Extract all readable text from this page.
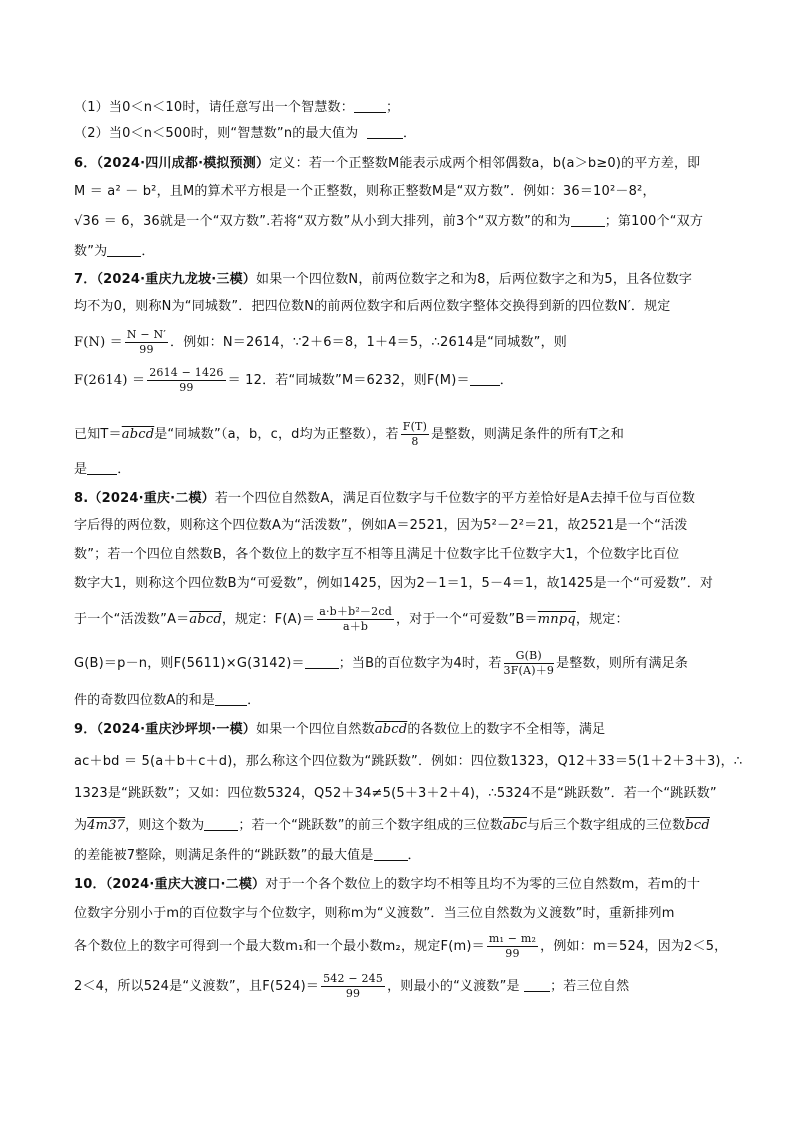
（1）当0＜n＜10时，请任意写出一个智慧数： ；
（2）当0＜n＜500时，则“智慧数”n的最大值为	．
6．（2024·四川成都·模拟预测）定义：若一个正整数M能表示成两个相邻偶数a，b(a＞b≥0)的平方差，即
M ＝ a² － b²，且M的算术平方根是一个正整数，则称正整数M是“双方数”．例如：36＝10²－8²，
√36 ＝ 6，36就是一个“双方数”.若将“双方数”从小到大排列，前3个“双方数”的和为	；第100个“双方
数”为	．
7．（2024·重庆九龙坡·三模）如果一个四位数N，前两位数字之和为8，后两位数字之和为5，且各位数字
均不为0，则称N为“同城数”．把四位数N的前两位数字和后两位数字整体交换得到新的四位数N′．规定
$F(N) = \frac{N - N'}{99}$ ．例如：N＝2614，∵2＋6＝8，1＋4＝5，∴2614是“同城数”，则
$F(2614) = \frac{2614 - 1426}{99} = 12$．若“同城数”M＝6232，则F(M)＝ ．
已知T＝abcd是“同城数”（a，b，c，d均为正整数），若 $\frac{F(T)}{8}$ 是整数，则满足条件的所有T之和
是 ．
8.（2024·重庆·二模）若一个四位自然数A，满足百位数字与千位数字的平方差恰好是A去掉千位与百位数
字后得的两位数，则称这个四位数A为“活泼数”，例如A＝2521，因为5²－2²＝21，故2521是一个“活泼
数”；若一个四位自然数B，各个数位上的数字互不相等且满足十位数字比千位数字大1，个位数字比百位
数字大1，则称这个四位数B为“可爱数”，例如1425，因为2－1＝1，5－4＝1，故1425是一个“可爱数”．对
于一个“活泼数”A＝abcd，规定：$F(A)= \frac{\text{a·b＋b²－2cd}}{a+b}$ ，对于一个“可爱数”B＝mnpq，规定：
G(B)＝p－n，则F(5611)×G(3142)＝	；当B的百位数字为4时，若 $\frac{G(B)}{3F(A)+9}$ 是整数，则所有满足条
件的奇数四位数A的和是 ．
9．（2024·重庆沙坪坝·一模）如果一个四位自然数abcd的各数位上的数字不全相等，满足
ac＋bd ＝ 5(a＋b＋c＋d)，那么称这个四位数为“跳跃数”．例如：四位数1323，Q12＋33＝5(1＋2＋3＋3)，∴
1323是“跳跃数”；又如：四位数5324，Q52＋34≠5(5＋3＋2＋4)，∴5324不是“跳跃数”．若一个“跳跃数”
为4m37，则这个数为	；若一个“跳跃数”的前三个数字组成的三位数$\overline{abc}$与后三个数字组成的三位数$\overline{bcd}$
的差能被7整除，则满足条件的“跳跃数”的最大值是	．
10．（2024·重庆大渡口·二模）对于一个各个数位上的数字均不相等且均不为零的三位自然数m，若m的十
位数字分别小于m的百位数字与个位数字，则称m为“义渡数”．当三位自然数为义渡数”时，重新排列m
各个数位上的数字可得到一个最大数m₁和一个最小数m₂，规定$F(m)= \frac{\text{m₁ − m₂}}{99}$ ，例如：m＝524，因为2＜5，
2＜4，所以524是“义渡数”，且$F(524)= \frac{542 - 245}{99}$ ，则最小的“义渡数”是 ；若三位自然
